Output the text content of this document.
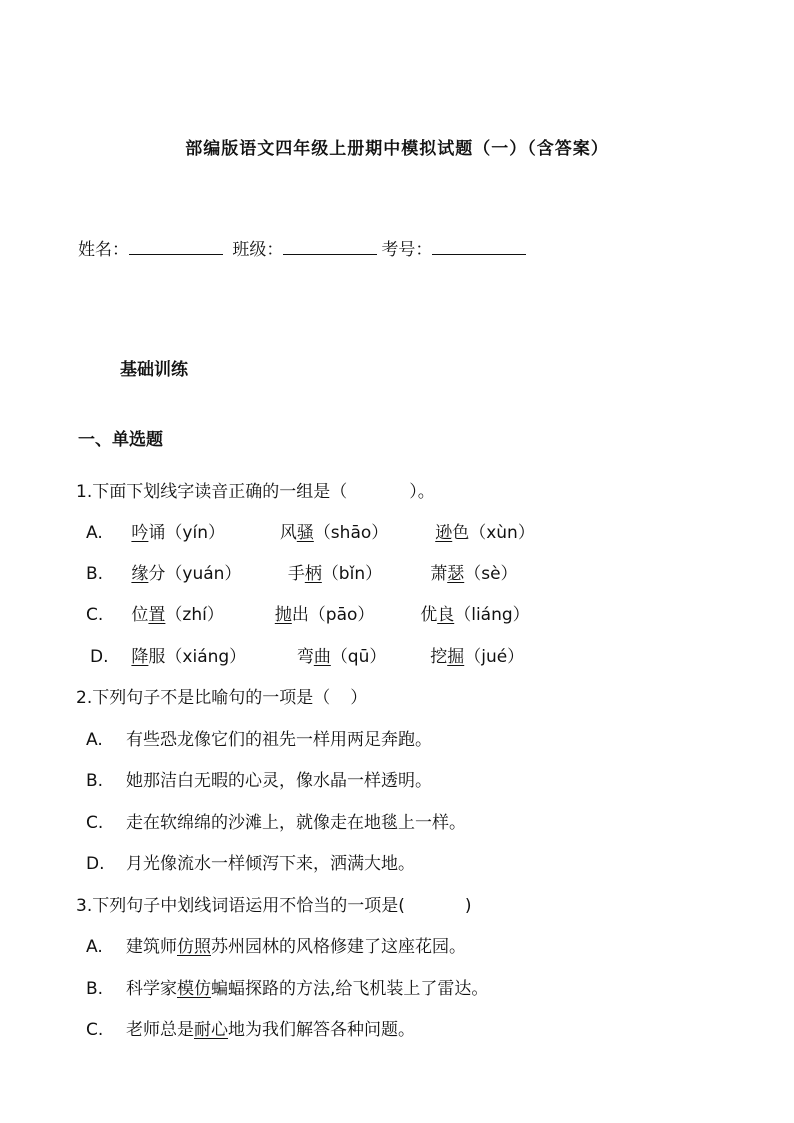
部编版语文四年级上册期中模拟试题（一）（含答案）
姓名：	班级：	考号：
基础训练
一、单选题
1.下面下划线字读音正确的一组是（	）。
A. 吟诵（yín）	风骚（shāo）	逊色（xùn）
B. 缘分（yuán）	手柄（bǐn）	萧瑟（sè）
C. 位置（zhí）	抛出（pāo）	优良（liáng）
D. 降服（xiáng）	弯曲（qū）	挖掘（jué）
2.下列句子不是比喻句的一项是（ ）
A. 有些恐龙像它们的祖先一样用两足奔跑。
B. 她那洁白无暇的心灵，像水晶一样透明。
C. 走在软绵绵的沙滩上，就像走在地毯上一样。
D. 月光像流水一样倾泻下来，洒满大地。
3.下列句子中划线词语运用不恰当的一项是(	)
A. 建筑师仿照苏州园林的风格修建了这座花园。
B. 科学家模仿蝙蝠探路的方法,给飞机装上了雷达。
C. 老师总是耐心地为我们解答各种问题。
